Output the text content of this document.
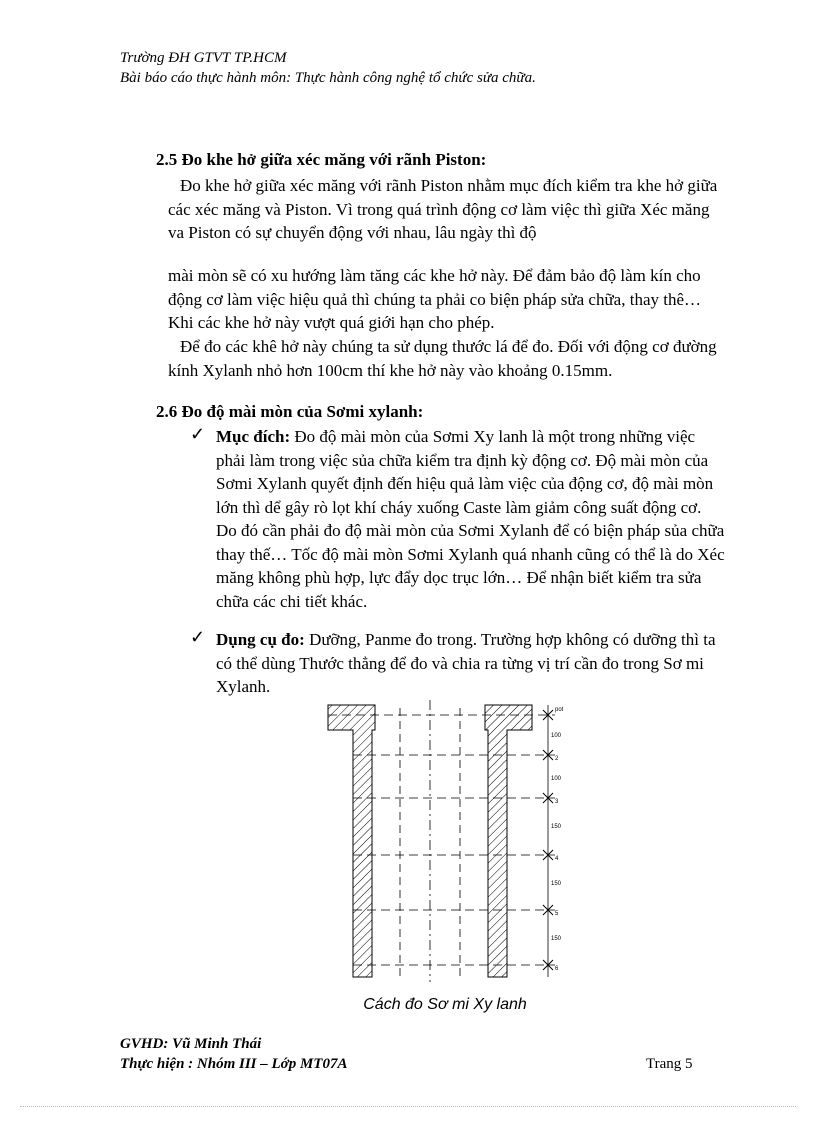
Trường ĐH GTVT TP.HCM
Bài báo cáo thực hành môn: Thực hành công nghệ tổ chức sửa chữa.
2.5 Đo khe hở giữa xéc măng với rãnh Piston:

Đo khe hở giữa xéc măng với rãnh Piston nhằm mục đích kiểm tra khe hở giữa các xéc măng và Piston. Vì trong quá trình động cơ làm việc thì giữa Xéc măng va Piston có sự chuyển động với nhau, lâu ngày thì độ

mài mòn sẽ có xu hướng làm tăng các khe hở này. Để đảm bảo độ làm kín cho động cơ làm việc hiệu quả thì chúng ta phải co biện pháp sửa chữa, thay thê… Khi các khe hở này vượt quá giới hạn cho phép.

Để đo các khê hở này chúng ta sử dụng thước lá để đo. Đối với động cơ đường kính Xylanh nhỏ hơn 100cm thí khe hở này vào khoảng 0.15mm.

2.6 Đo độ mài mòn của Sơmi xylanh:
✓ Mục đích: Đo độ mài mòn của Sơmi Xy lanh là một trong những việc phải làm trong việc sủa chữa kiểm tra định kỳ động cơ. Độ mài mòn của Sơmi Xylanh quyết định đến hiệu quả làm việc của động cơ, độ mài mòn lớn thì dể gây rò lọt khí cháy xuống Caste làm giảm công suất động cơ. Do đó cần phải đo độ mài mòn của Sơmi Xylanh để có biện pháp sủa chữa thay thế… Tốc độ mài mòn Sơmi Xylanh quá nhanh cũng có thể là do Xéc măng không phù hợp, lực đẩy dọc trục lớn… Để nhận biết kiểm tra sửa chữa các chi tiết khác.
✓ Dụng cụ đo: Dưỡng, Panme đo trong. Trường hợp không có dưỡng thì ta có thể dùng Thước thẳng để đo và chia ra từng vị trí cần đo trong Sơ mi Xylanh.
pot
100
2
100
3
150
4
150
5
150
6
Cách đo Sơ mi Xy lanh
GVHD: Vũ Minh Thái
Thực hiện : Nhóm III – Lớp MT07A	Trang 5
